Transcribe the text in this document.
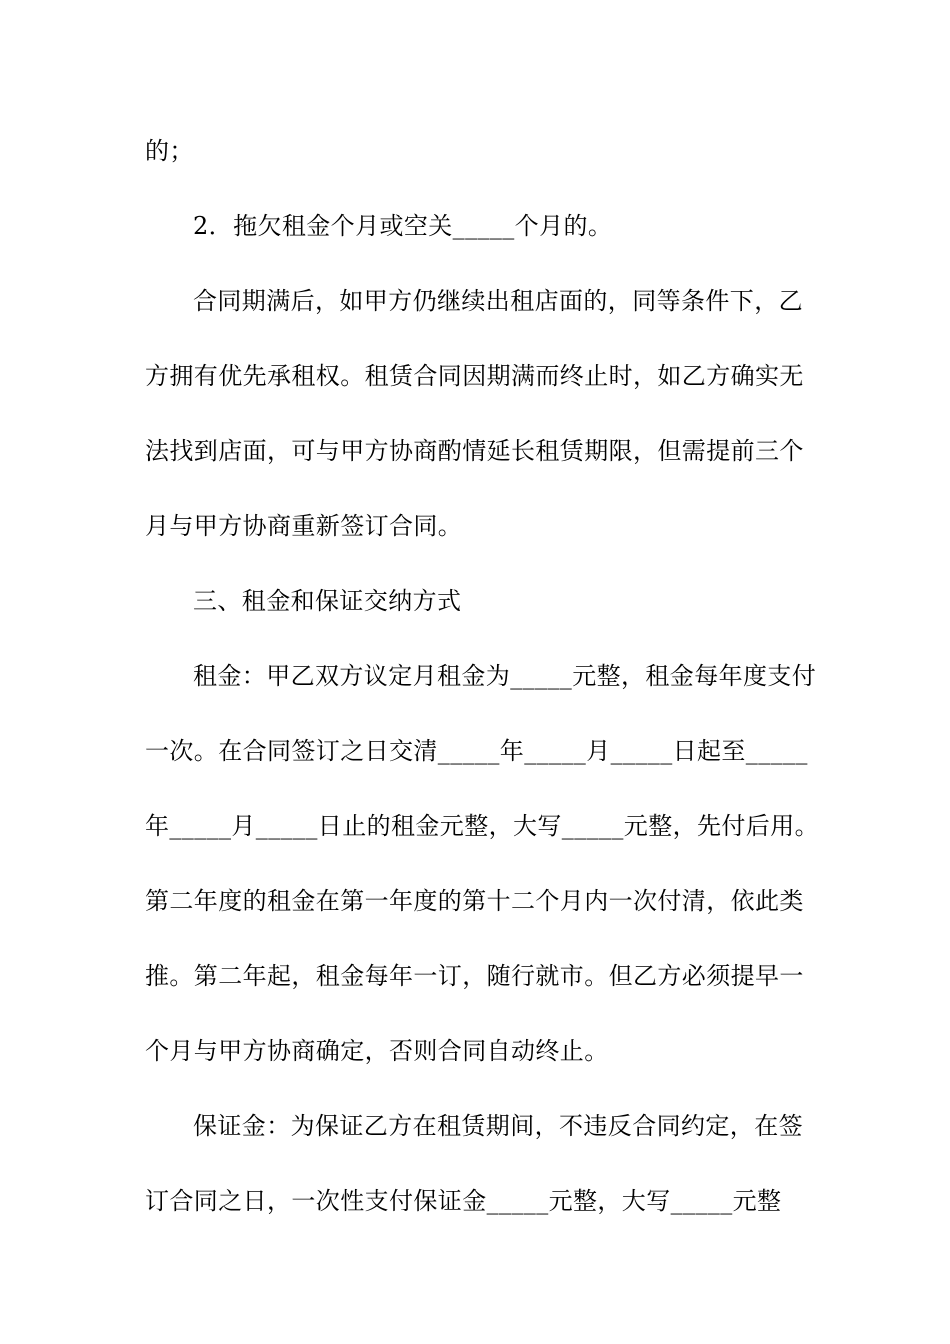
的；
2．拖欠租金个月或空关_____个月的。
合同期满后，如甲方仍继续出租店面的，同等条件下，乙
方拥有优先承租权。租赁合同因期满而终止时，如乙方确实无
法找到店面，可与甲方协商酌情延长租赁期限，但需提前三个
月与甲方协商重新签订合同。
三、租金和保证交纳方式
租金：甲乙双方议定月租金为_____元整，租金每年度支付
一次。在合同签订之日交清_____年_____月_____日起至_____
年_____月_____日止的租金元整，大写_____元整，先付后用。
第二年度的租金在第一年度的第十二个月内一次付清，依此类
推。第二年起，租金每年一订，随行就市。但乙方必须提早一
个月与甲方协商确定，否则合同自动终止。
保证金：为保证乙方在租赁期间，不违反合同约定，在签
订合同之日，一次性支付保证金_____元整，大写_____元整
